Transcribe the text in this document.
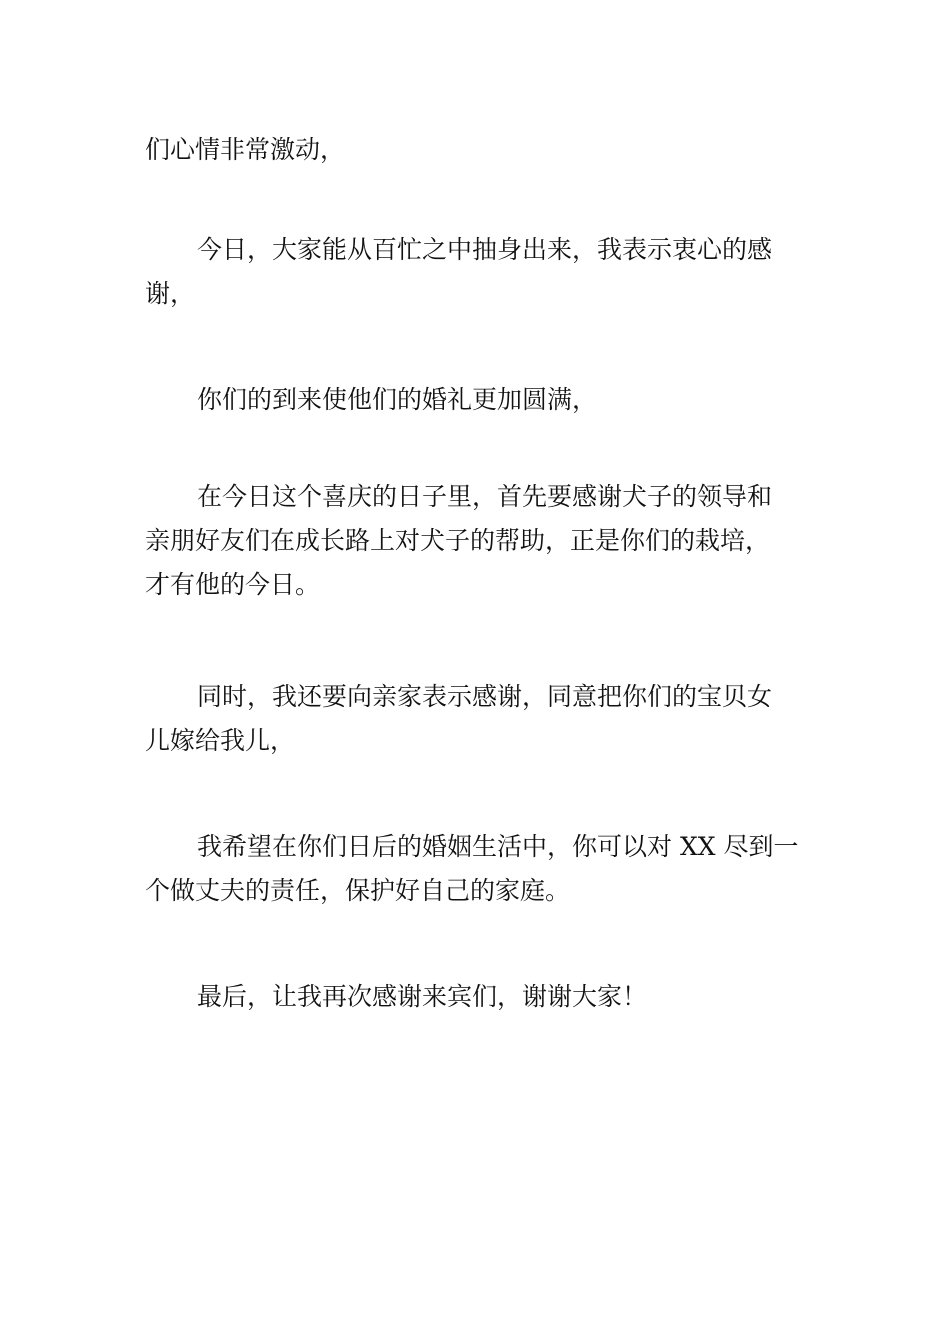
们心情非常激动，

今日，大家能从百忙之中抽身出来，我表示衷心的感
谢，

你们的到来使他们的婚礼更加圆满，

在今日这个喜庆的日子里，首先要感谢犬子的领导和
亲朋好友们在成长路上对犬子的帮助，正是你们的栽培，
才有他的今日。

同时，我还要向亲家表示感谢，同意把你们的宝贝女
儿嫁给我儿，

我希望在你们日后的婚姻生活中，你可以对 XX 尽到一
个做丈夫的责任，保护好自己的家庭。

最后，让我再次感谢来宾们，谢谢大家！
